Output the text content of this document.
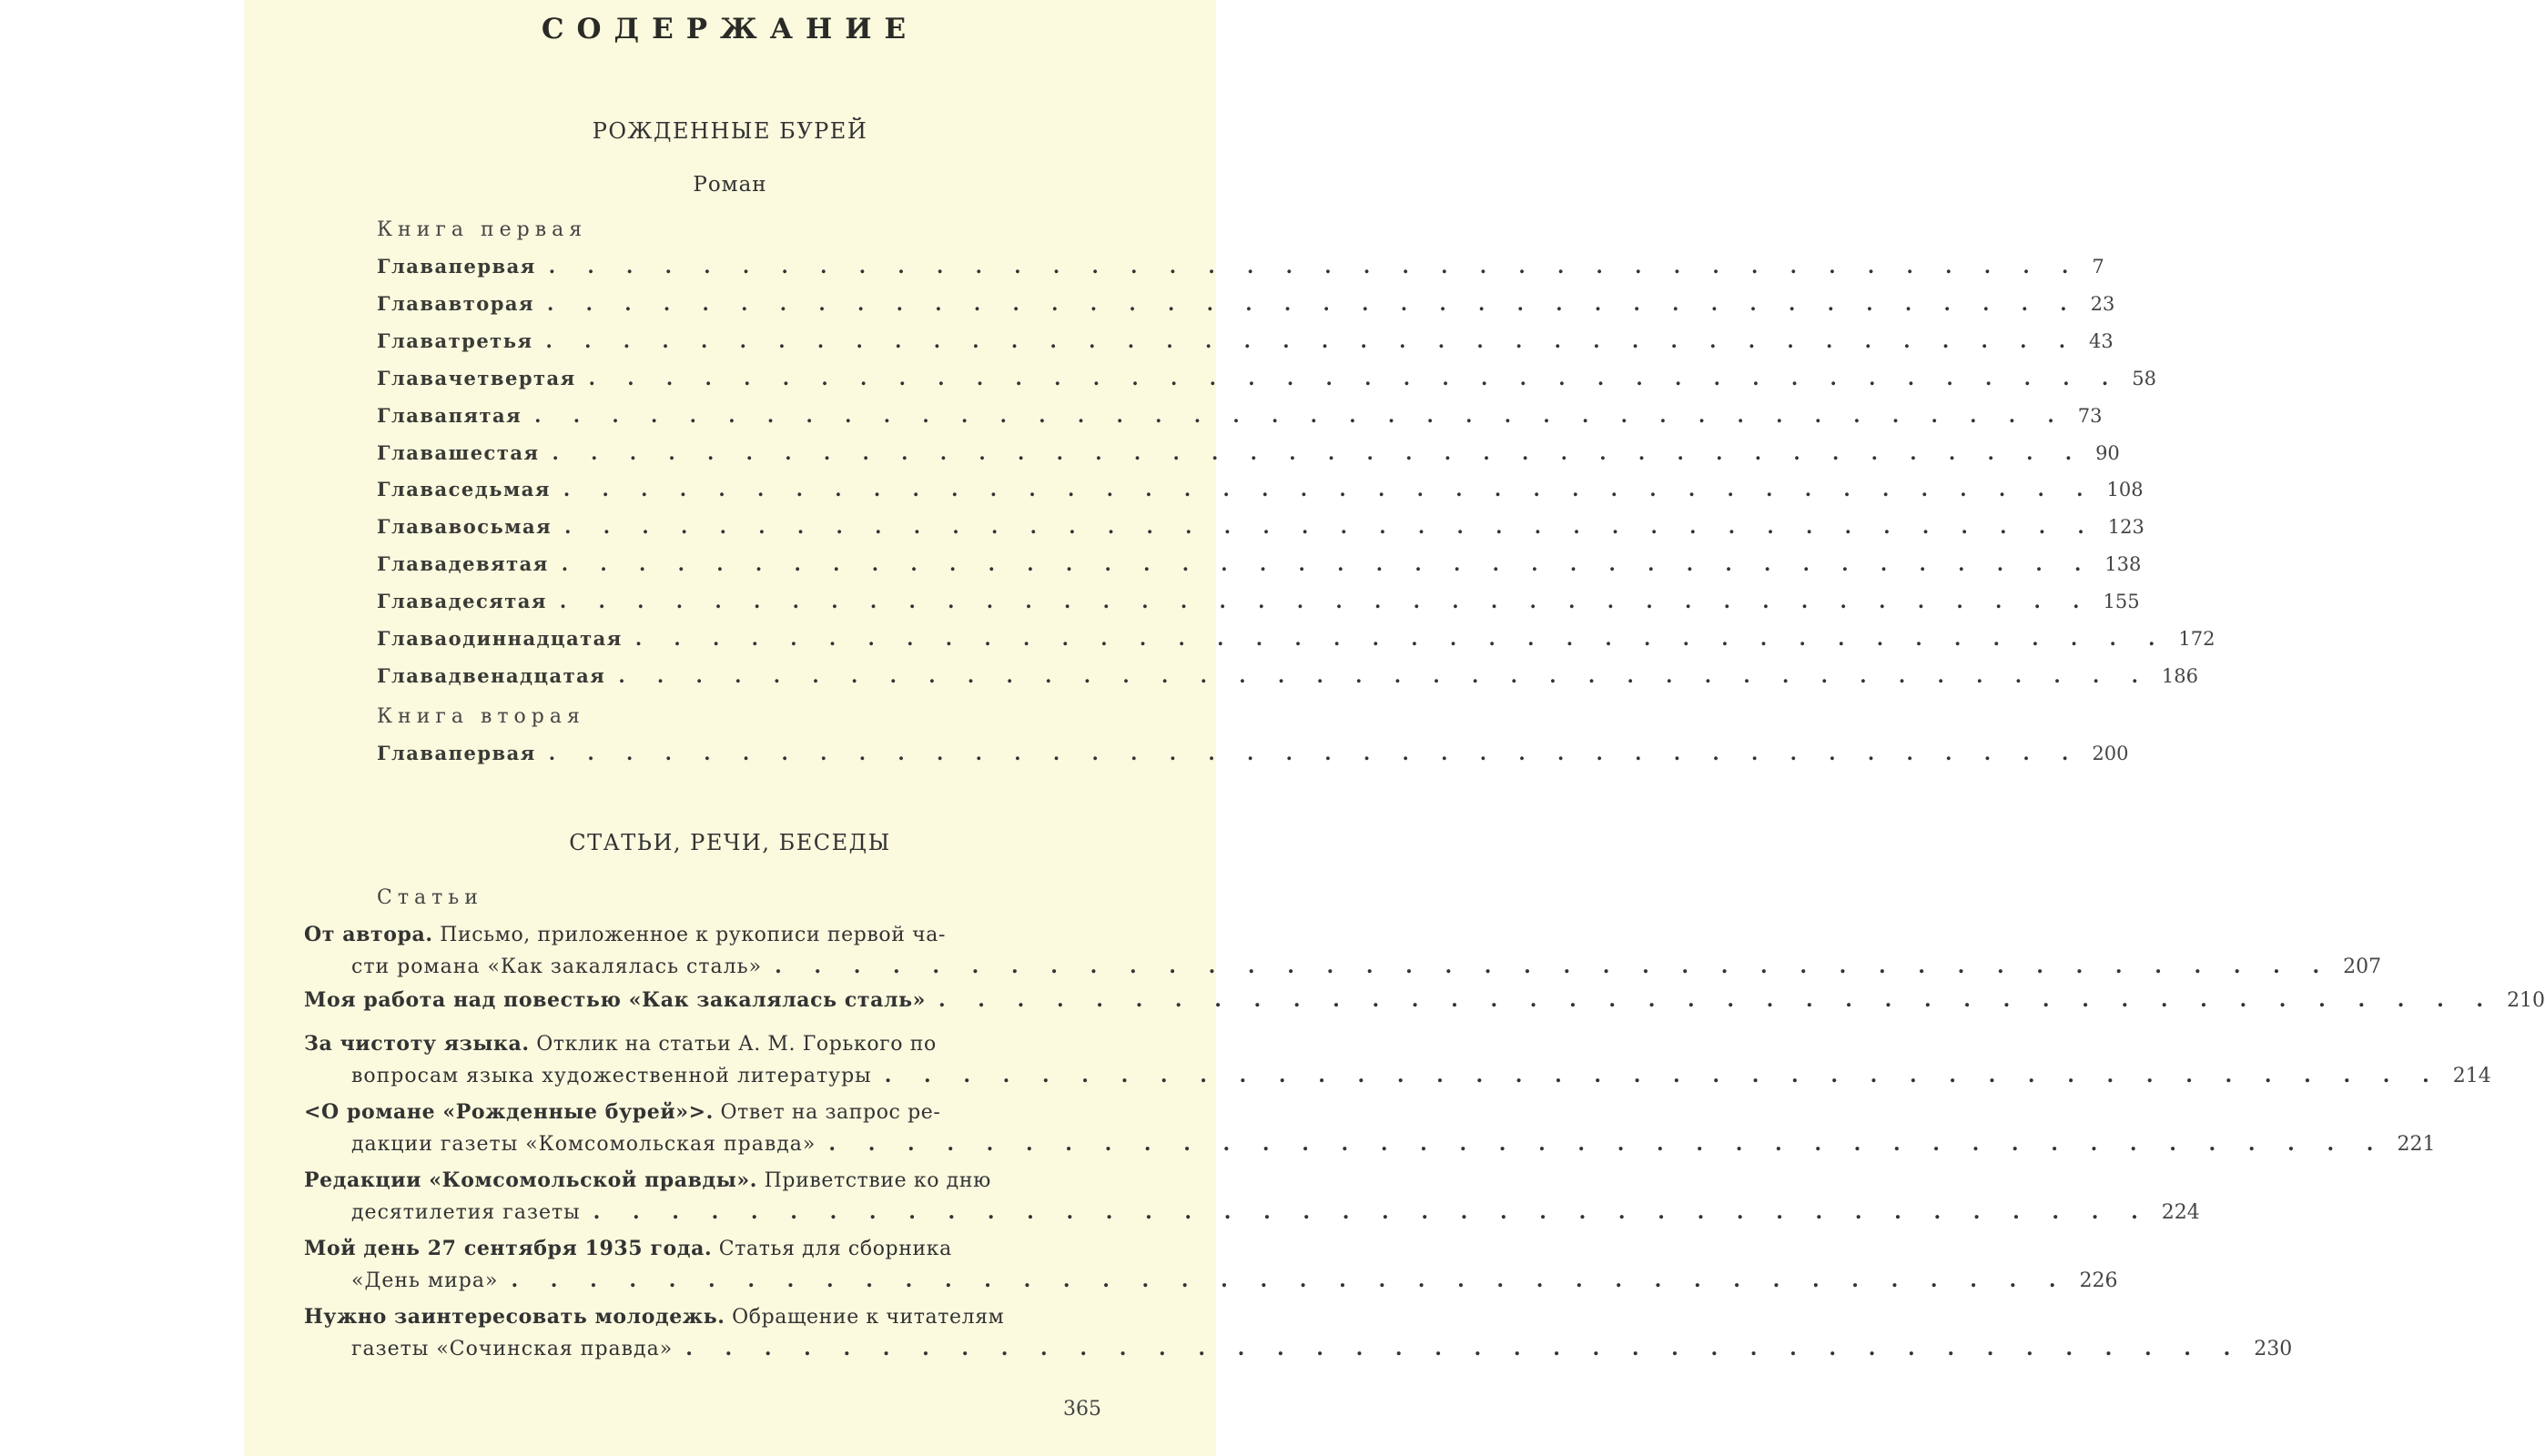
СОДЕРЖАНИЕ
РОЖДЕННЫЕ БУРЕЙ
Роман
Книга первая
Глава первая . . . . . . . . . . . . . . . . . . . . . . . . . . . . . . . . . . . . . . . . 7
Глава вторая . . . . . . . . . . . . . . . . . . . . . . . . . . . . . . . . . . . . . . . . 23
Глава третья . . . . . . . . . . . . . . . . . . . . . . . . . . . . . . . . . . . . . . . . 43
Глава четвертая . . . . . . . . . . . . . . . . . . . . . . . . . . . . . . . . . . . . . . . . 58
Глава пятая . . . . . . . . . . . . . . . . . . . . . . . . . . . . . . . . . . . . . . . . 73
Глава шестая . . . . . . . . . . . . . . . . . . . . . . . . . . . . . . . . . . . . . . . . 90
Глава седьмая . . . . . . . . . . . . . . . . . . . . . . . . . . . . . . . . . . . . . . . . 108
Глава восьмая . . . . . . . . . . . . . . . . . . . . . . . . . . . . . . . . . . . . . . . . 123
Глава девятая . . . . . . . . . . . . . . . . . . . . . . . . . . . . . . . . . . . . . . . . 138
Глава десятая . . . . . . . . . . . . . . . . . . . . . . . . . . . . . . . . . . . . . . . . 155
Глава одиннадцатая . . . . . . . . . . . . . . . . . . . . . . . . . . . . . . . . . . . . . . . . 172
Глава двенадцатая . . . . . . . . . . . . . . . . . . . . . . . . . . . . . . . . . . . . . . . . 186
Книга вторая
Глава первая . . . . . . . . . . . . . . . . . . . . . . . . . . . . . . . . . . . . . . . . 200
СТАТЬИ, РЕЧИ, БЕСЕДЫ
Статьи
От автора. Письмо, приложенное к рукописи первой ча-
сти романа «Как закалялась сталь» . . . . . . . . . . . . . . . . . . . . . . . . . . . . . . . . . . . . . . . . 207
Моя работа над повестью «Как закалялась сталь» . . . . . . . . . . . . . . . . . . . . . . . . . . . . . . . . . . . . . . . . 210
За чистоту языка. Отклик на статьи А. М. Горького по
вопросам языка художественной литературы . . . . . . . . . . . . . . . . . . . . . . . . . . . . . . . . . . . . . . . . 214
<О романе «Рожденные бурей»>. Ответ на запрос ре-
дакции газеты «Комсомольская правда» . . . . . . . . . . . . . . . . . . . . . . . . . . . . . . . . . . . . . . . . 221
Редакции «Комсомольской правды». Приветствие ко дню
десятилетия газеты . . . . . . . . . . . . . . . . . . . . . . . . . . . . . . . . . . . . . . . . 224
Мой день 27 сентября 1935 года. Статья для сборника
«День мира» . . . . . . . . . . . . . . . . . . . . . . . . . . . . . . . . . . . . . . . . 226
Нужно заинтересовать молодежь. Обращение к читателям
газеты «Сочинская правда» . . . . . . . . . . . . . . . . . . . . . . . . . . . . . . . . . . . . . . . . 230
365
